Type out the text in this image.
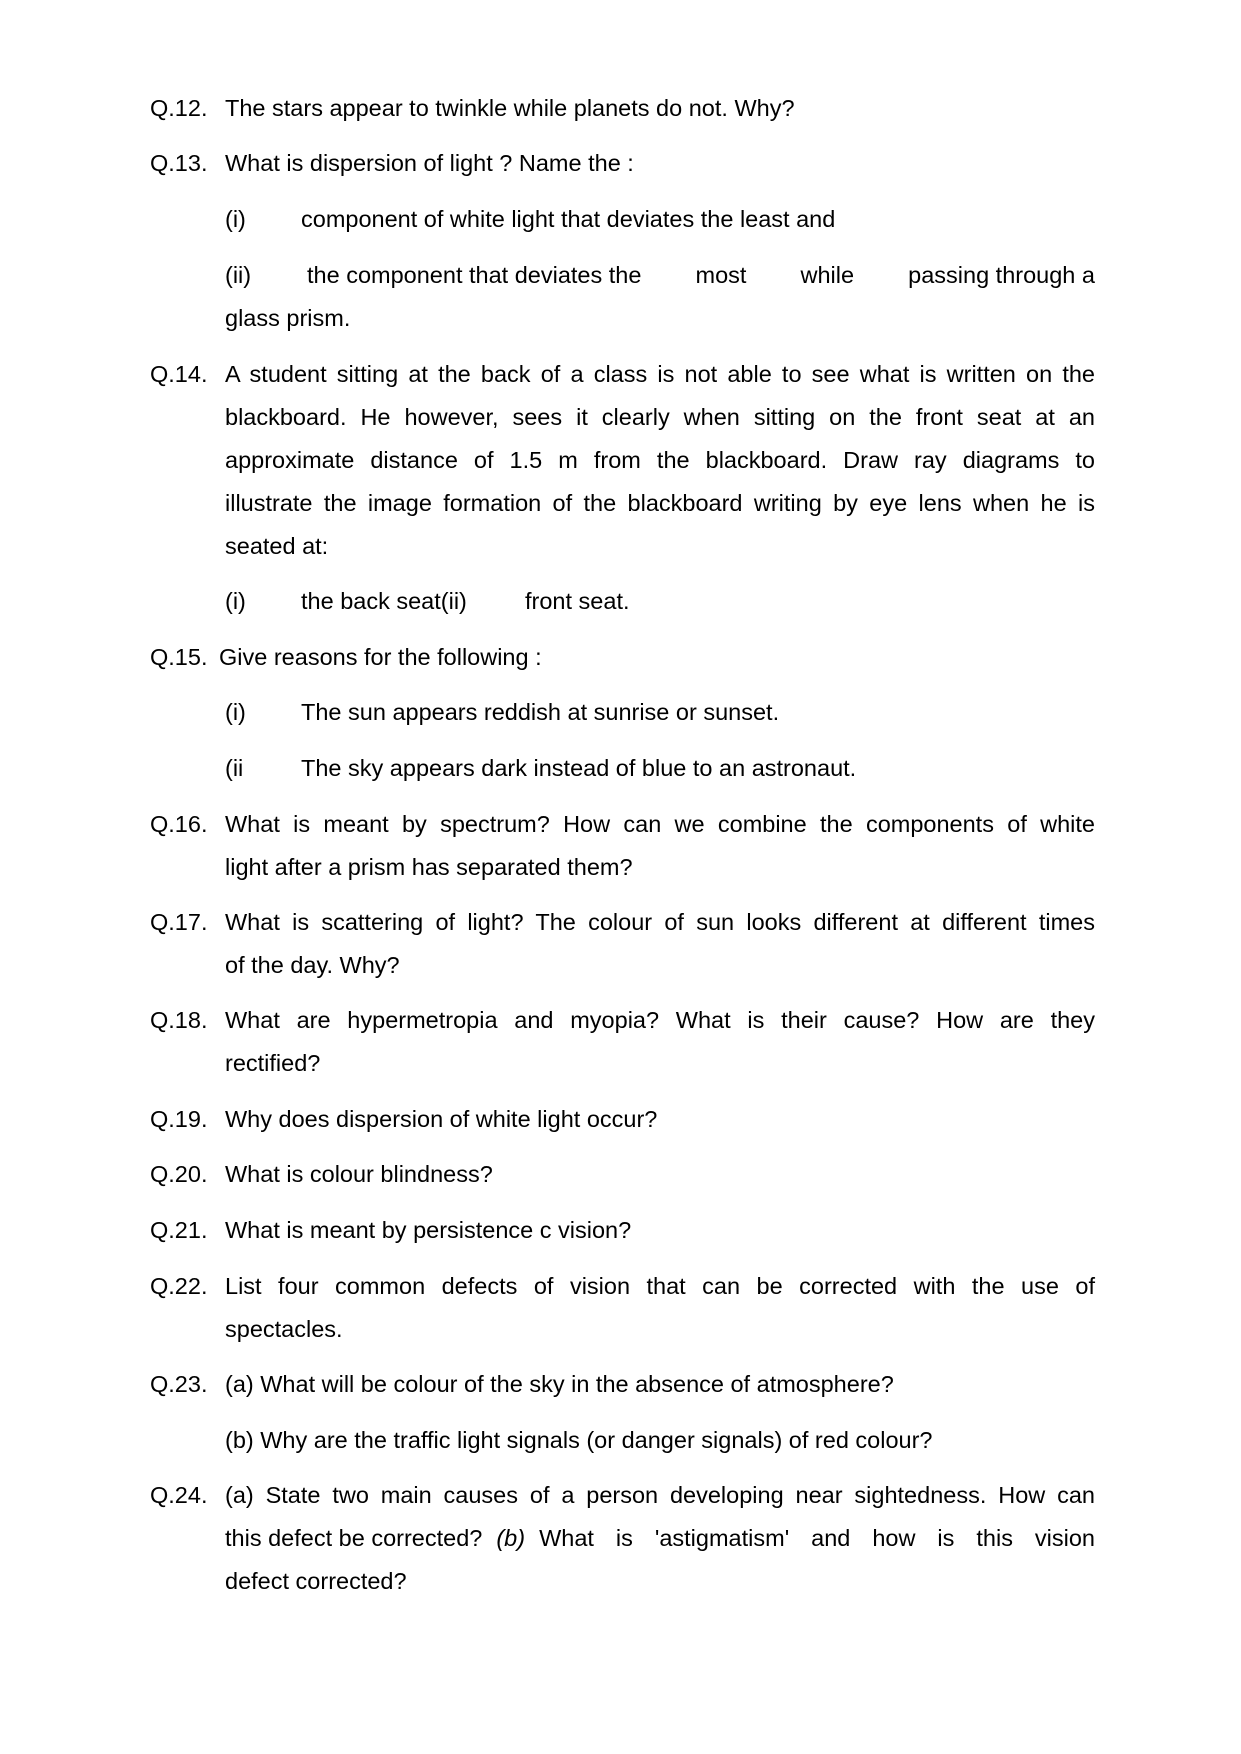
Q.12. The stars appear to twinkle while planets do not. Why?
Q.13. What is dispersion of light ? Name the :
(i) component of white light that deviates the least and
(ii) the component that deviates the most while passing through a
glass prism.
Q.14. A student sitting at the back of a class is not able to see what is written on the
blackboard. He however, sees it clearly when sitting on the front seat at an
approximate distance of 1.5 m from the blackboard. Draw ray diagrams to
illustrate the image formation of the blackboard writing by eye lens when he is
seated at:
(i) the back seat(ii) front seat.
Q.15. Give reasons for the following :
(i) The sun appears reddish at sunrise or sunset.
(ii The sky appears dark instead of blue to an astronaut.
Q.16. What is meant by spectrum? How can we combine the components of white
light after a prism has separated them?
Q.17. What is scattering of light? The colour of sun looks different at different times
of the day. Why?
Q.18. What are hypermetropia and myopia? What is their cause? How are they
rectified?
Q.19. Why does dispersion of white light occur?
Q.20. What is colour blindness?
Q.21. What is meant by persistence c vision?
Q.22. List four common defects of vision that can be corrected with the use of
spectacles.
Q.23. (a) What will be colour of the sky in the absence of atmosphere?
(b) Why are the traffic light signals (or danger signals) of red colour?
Q.24. (a) State two main causes of a person developing near sightedness. How can
this defect be corrected? (b) What is 'astigmatism' and how is this vision
defect corrected?
